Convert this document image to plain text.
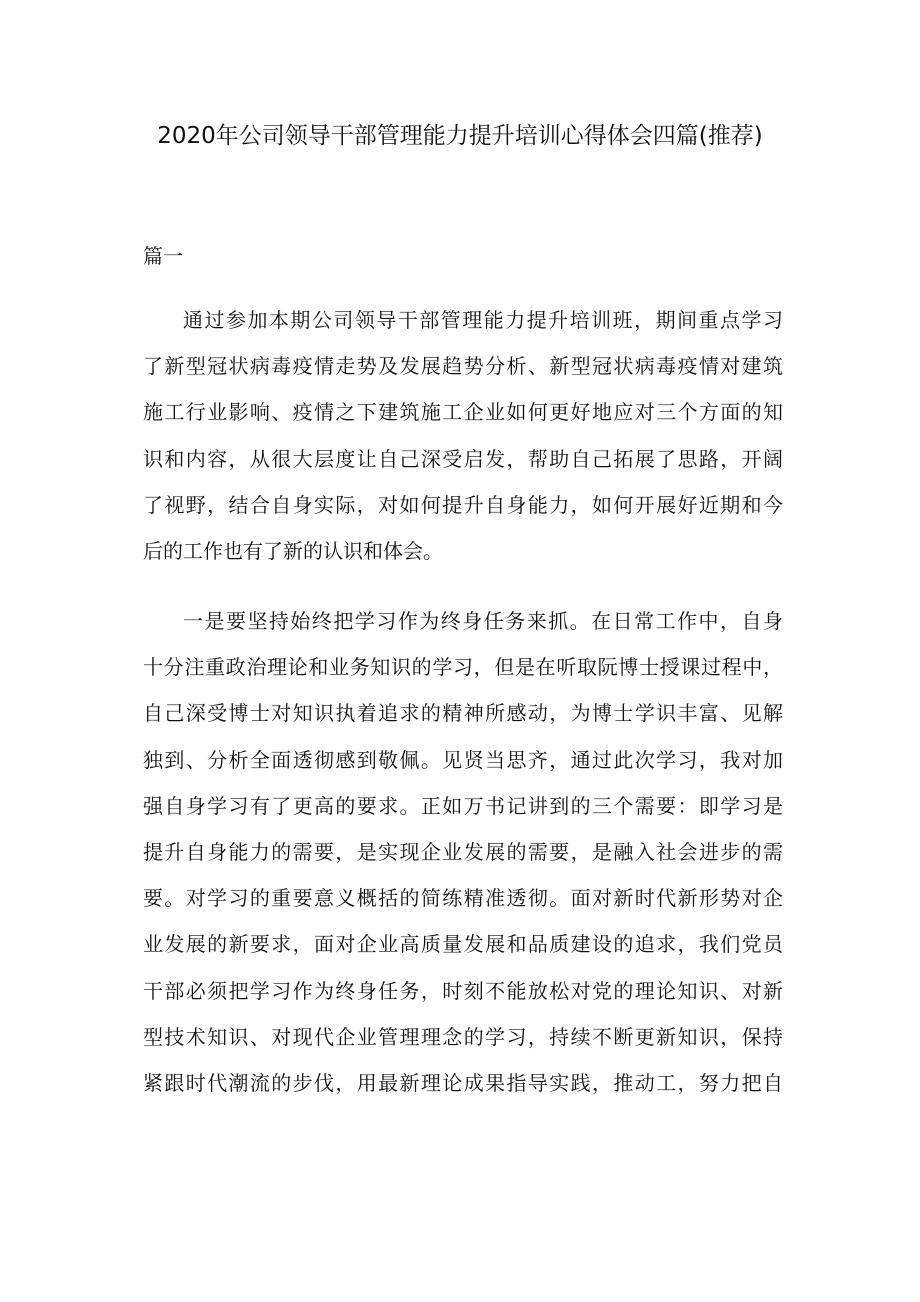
2020年公司领导干部管理能力提升培训心得体会四篇(推荐)
篇一
通过参加本期公司领导干部管理能力提升培训班，期间重点学习
了新型冠状病毒疫情走势及发展趋势分析、新型冠状病毒疫情对建筑
施工行业影响、疫情之下建筑施工企业如何更好地应对三个方面的知
识和内容，从很大层度让自己深受启发，帮助自己拓展了思路，开阔
了视野，结合自身实际，对如何提升自身能力，如何开展好近期和今
后的工作也有了新的认识和体会。
一是要坚持始终把学习作为终身任务来抓。在日常工作中，自身
十分注重政治理论和业务知识的学习，但是在听取阮博士授课过程中，
自己深受博士对知识执着追求的精神所感动，为博士学识丰富、见解
独到、分析全面透彻感到敬佩。见贤当思齐，通过此次学习，我对加
强自身学习有了更高的要求。正如万书记讲到的三个需要：即学习是
提升自身能力的需要，是实现企业发展的需要，是融入社会进步的需
要。对学习的重要意义概括的简练精准透彻。面对新时代新形势对企
业发展的新要求，面对企业高质量发展和品质建设的追求，我们党员
干部必须把学习作为终身任务，时刻不能放松对党的理论知识、对新
型技术知识、对现代企业管理理念的学习，持续不断更新知识，保持
紧跟时代潮流的步伐，用最新理论成果指导实践，推动工，努力把自
